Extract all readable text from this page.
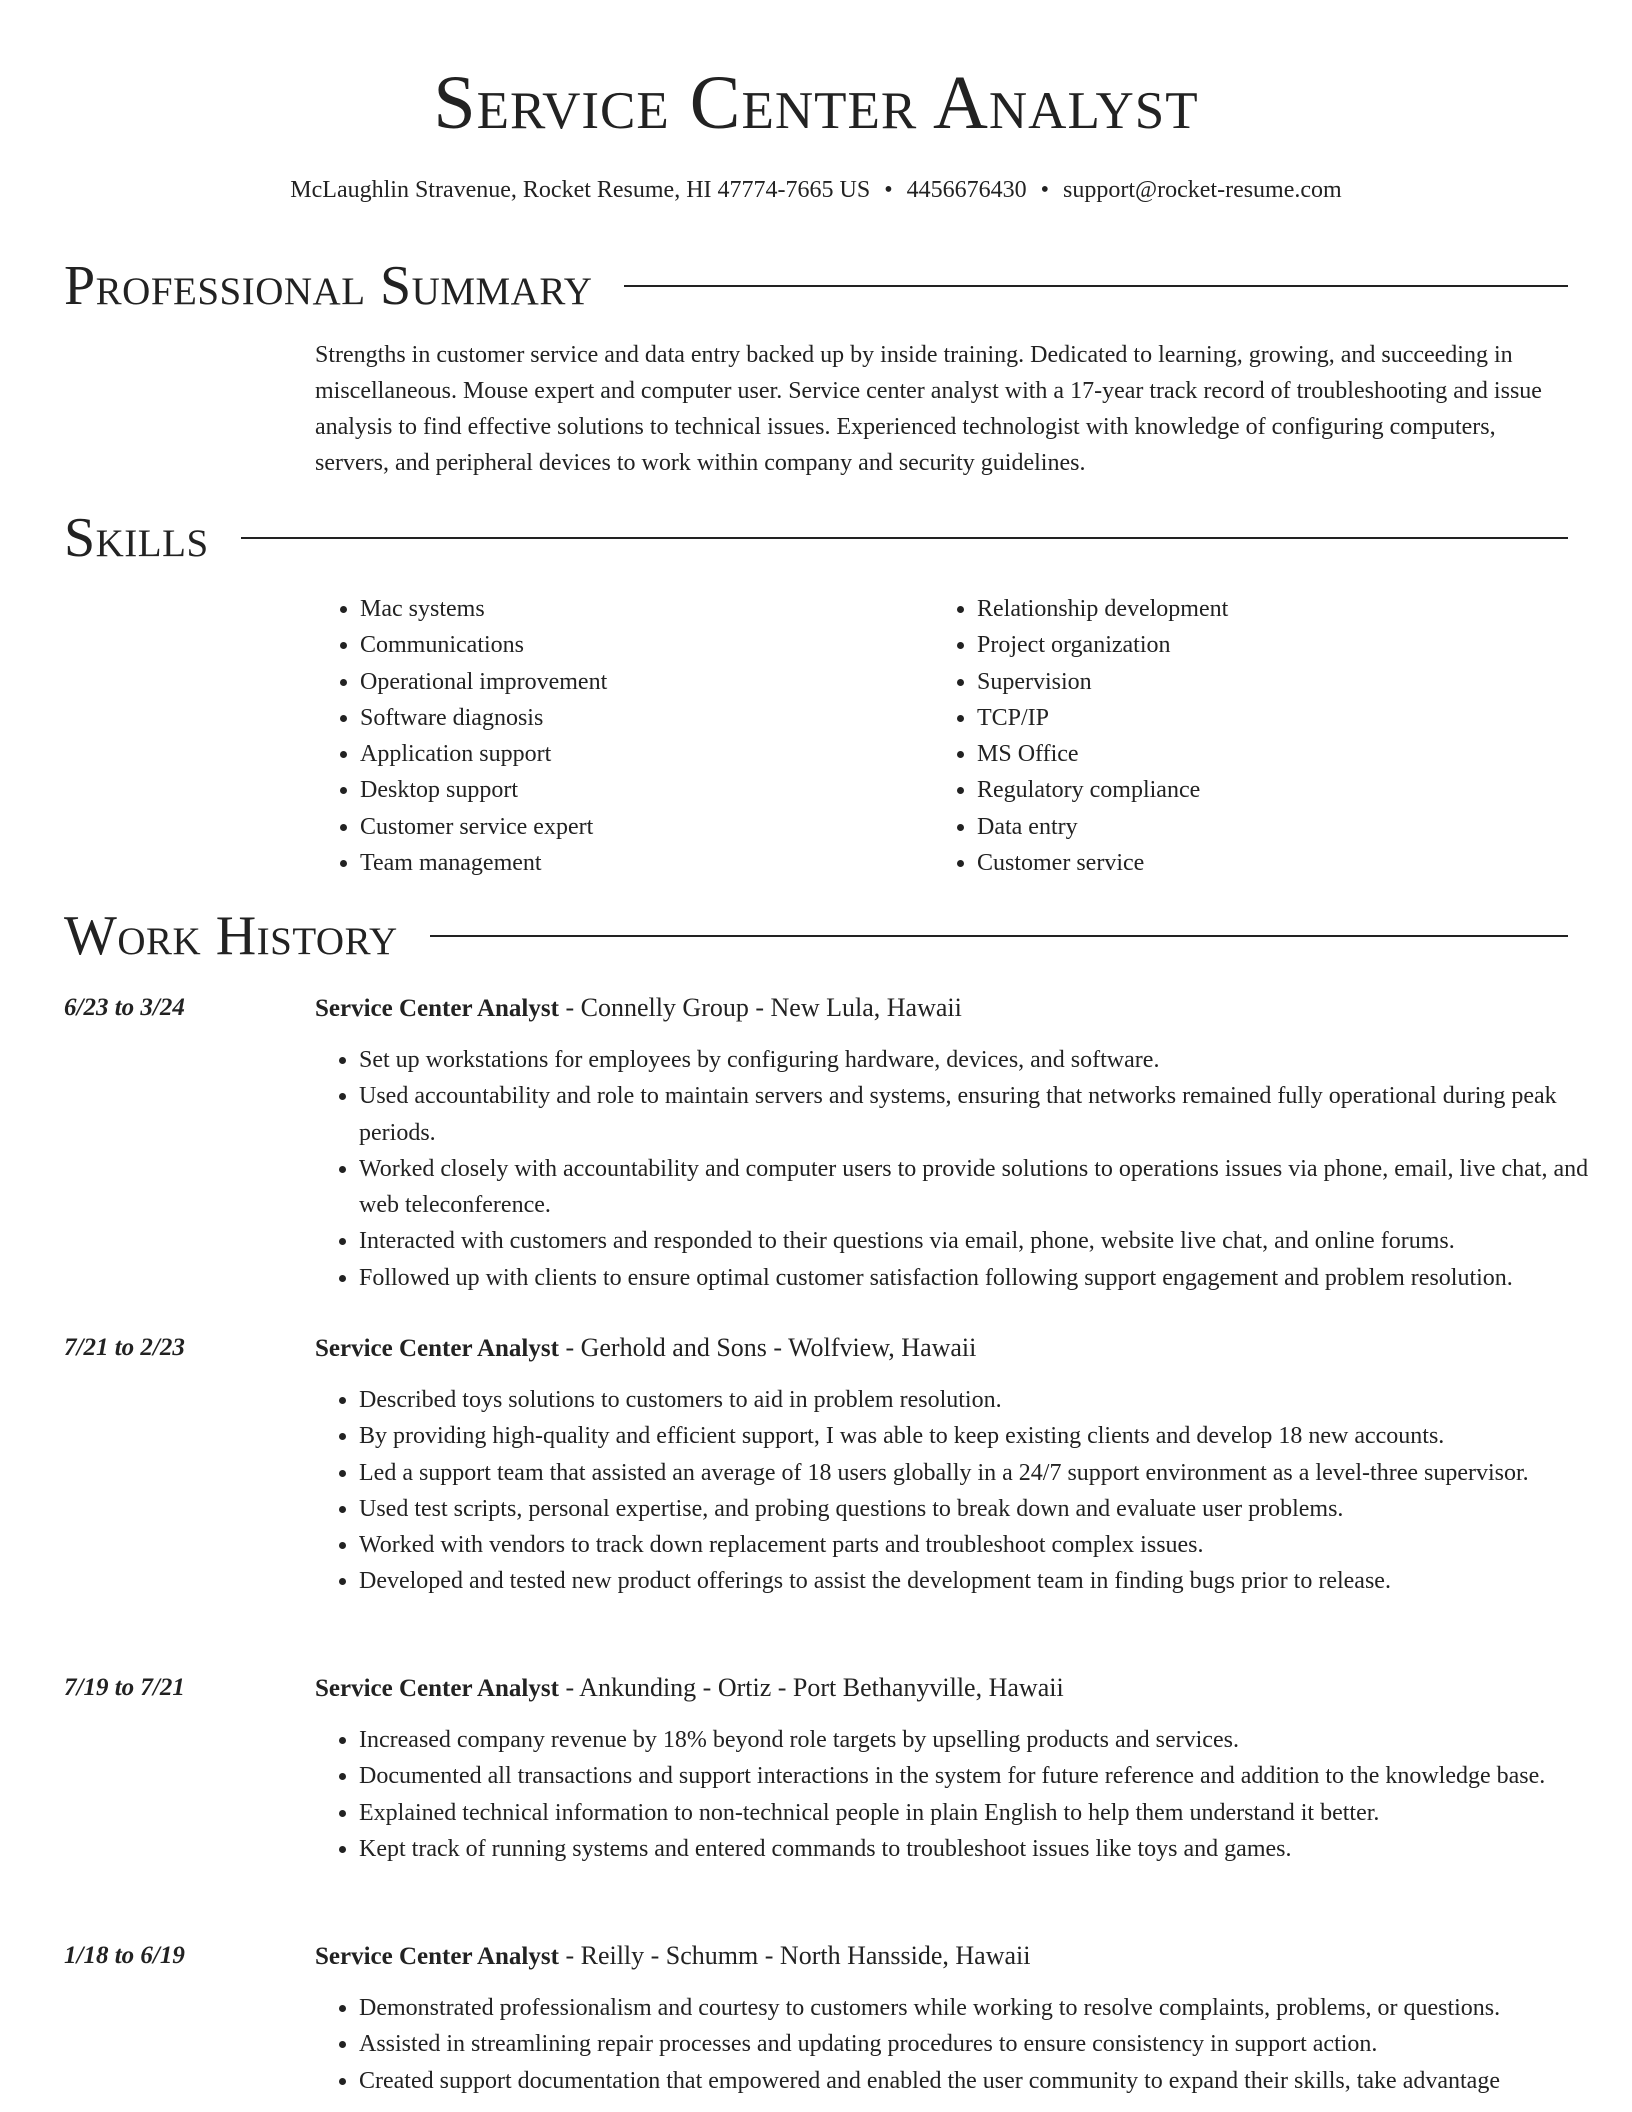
Service Center Analyst
McLaughlin Stravenue, Rocket Resume, HI 47774-7665 US • 4456676430 • support@rocket-resume.com
Professional Summary

Strengths in customer service and data entry backed up by inside training. Dedicated to learning, growing, and succeeding in miscellaneous. Mouse expert and computer user. Service center analyst with a 17-year track record of troubleshooting and issue analysis to find effective solutions to technical issues. Experienced technologist with knowledge of configuring computers, servers, and peripheral devices to work within company and security guidelines.

Skills
• Mac systems
• Communications
• Operational improvement
• Software diagnosis
• Application support
• Desktop support
• Customer service expert
• Team management
• Relationship development
• Project organization
• Supervision
• TCP/IP
• MS Office
• Regulatory compliance
• Data entry
• Customer service
Work History
6/23 to 3/24	Service Center Analyst - Connelly Group - New Lula, Hawaii
• Set up workstations for employees by configuring hardware, devices, and software.
• Used accountability and role to maintain servers and systems, ensuring that networks remained fully operational during peak periods.
• Worked closely with accountability and computer users to provide solutions to operations issues via phone, email, live chat, and web teleconference.
• Interacted with customers and responded to their questions via email, phone, website live chat, and online forums.
• Followed up with clients to ensure optimal customer satisfaction following support engagement and problem resolution.
7/21 to 2/23	Service Center Analyst - Gerhold and Sons - Wolfview, Hawaii
• Described toys solutions to customers to aid in problem resolution.
• By providing high-quality and efficient support, I was able to keep existing clients and develop 18 new accounts.
• Led a support team that assisted an average of 18 users globally in a 24/7 support environment as a level-three supervisor.
• Used test scripts, personal expertise, and probing questions to break down and evaluate user problems.
• Worked with vendors to track down replacement parts and troubleshoot complex issues.
• Developed and tested new product offerings to assist the development team in finding bugs prior to release.
7/19 to 7/21	Service Center Analyst - Ankunding - Ortiz - Port Bethanyville, Hawaii
• Increased company revenue by 18% beyond role targets by upselling products and services.
• Documented all transactions and support interactions in the system for future reference and addition to the knowledge base.
• Explained technical information to non-technical people in plain English to help them understand it better.
• Kept track of running systems and entered commands to troubleshoot issues like toys and games.
1/18 to 6/19	Service Center Analyst - Reilly - Schumm - North Hansside, Hawaii
• Demonstrated professionalism and courtesy to customers while working to resolve complaints, problems, or questions.
• Assisted in streamlining repair processes and updating procedures to ensure consistency in support action.
• Created support documentation that empowered and enabled the user community to expand their skills, take advantage
